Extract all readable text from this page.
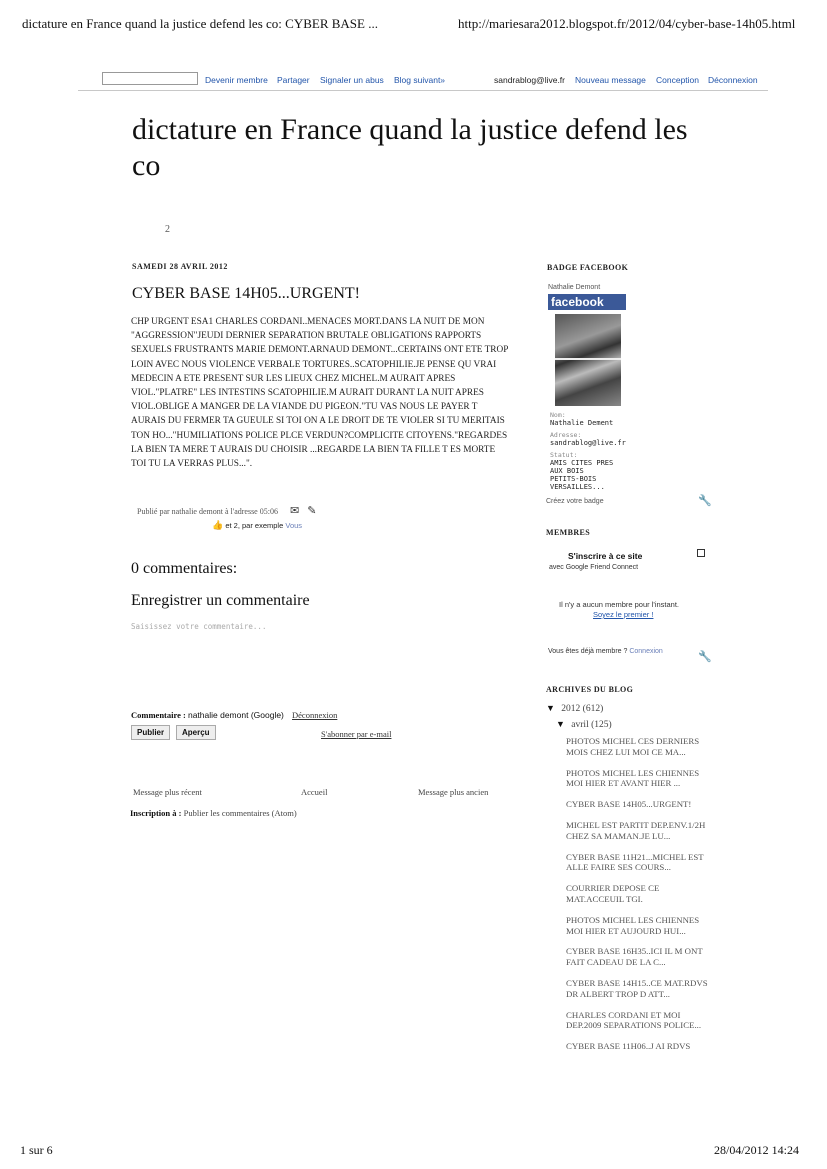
dictature en France quand la justice defend les co: CYBER BASE ...	http://mariesara2012.blogspot.fr/2012/04/cyber-base-14h05.html
Devenir membre Partager Signaler un abus Blog suivant»	sandrablog@live.fr Nouveau message Conception Déconnexion
dictature en France quand la justice defend les co
2
SAMEDI 28 AVRIL 2012
CYBER BASE 14H05...URGENT!

CHP URGENT ESA1 CHARLES CORDANI..MENACES MORT.DANS LA NUIT DE MON "AGGRESSION"JEUDI DERNIER SEPARATION BRUTALE OBLIGATIONS RAPPORTS SEXUELS FRUSTRANTS MARIE DEMONT.ARNAUD DEMONT...CERTAINS ONT ETE TROP LOIN AVEC NOUS VIOLENCE VERBALE TORTURES..SCATOPHILIE.JE PENSE QU VRAI MEDECIN A ETE PRESENT SUR LES LIEUX CHEZ MICHEL.M AURAIT APRES VIOL."PLATRE" LES INTESTINS SCATOPHILIE.M AURAIT DURANT LA NUIT APRES VIOL.OBLIGE A MANGER DE LA VIANDE DU PIGEON."TU VAS NOUS LE PAYER T AURAIS DU FERMER TA GUEULE SI TOI ON A LE DROIT DE TE VIOLER SI TU MERITAIS TON HO..."HUMILIATIONS POLICE PLCE VERDUN?COMPLICITE CITOYENS."REGARDES LA BIEN TA MERE T AURAIS DU CHOISIR ...REGARDE LA BIEN TA FILLE T ES MORTE TOI TU LA VERRAS PLUS...".

Publié par nathalie demont à l'adresse 05:06 ✉ ✎
👍 et 2, par exemple Vous
0 commentaires:
Enregistrer un commentaire
Saisissez votre commentaire...
Commentaire : nathalie demont (Google) Déconnexion
Publier	Aperçu	S'abonner par e-mail
Message plus récent	Accueil	Message plus ancien
Inscription à : Publier les commentaires (Atom)
BADGE FACEBOOK
Nathalie Demont
facebook
Nom:
Nathalie Dement
Adresse:
sandrablog@live.fr
Statut:
AMIS CITES PRES
AUX BOIS
PETITS-BOIS
VERSAILLES...
Créez votre badge	🔧
MEMBRES
S'inscrire à ce site
avec Google Friend Connect
Il n'y a aucun membre pour l'instant.
Soyez le premier !
Vous êtes déjà membre ? Connexion	🔧
ARCHIVES DU BLOG
▼ 2012 (612)
▼ avril (125)
PHOTOS MICHEL CES DERNIERS MOIS CHEZ LUI MOI CE MA...
PHOTOS MICHEL LES CHIENNES MOI HIER ET AVANT HIER ...
CYBER BASE 14H05...URGENT!
MICHEL EST PARTIT DEP.ENV.1/2H CHEZ SA MAMAN.JE LU...
CYBER BASE 11H21...MICHEL EST ALLE FAIRE SES COURS...
COURRIER DEPOSE CE MAT.ACCEUIL TGI.
PHOTOS MICHEL LES CHIENNES MOI HIER ET AUJOURD HUI...
CYBER BASE 16H35..ICI IL M ONT FAIT CADEAU DE LA C...
CYBER BASE 14H15..CE MAT.RDVS DR ALBERT TROP D ATT...
CHARLES CORDANI ET MOI DEP.2009 SEPARATIONS POLICE...
CYBER BASE 11H06..J AI RDVS
1 sur 6	28/04/2012 14:24
